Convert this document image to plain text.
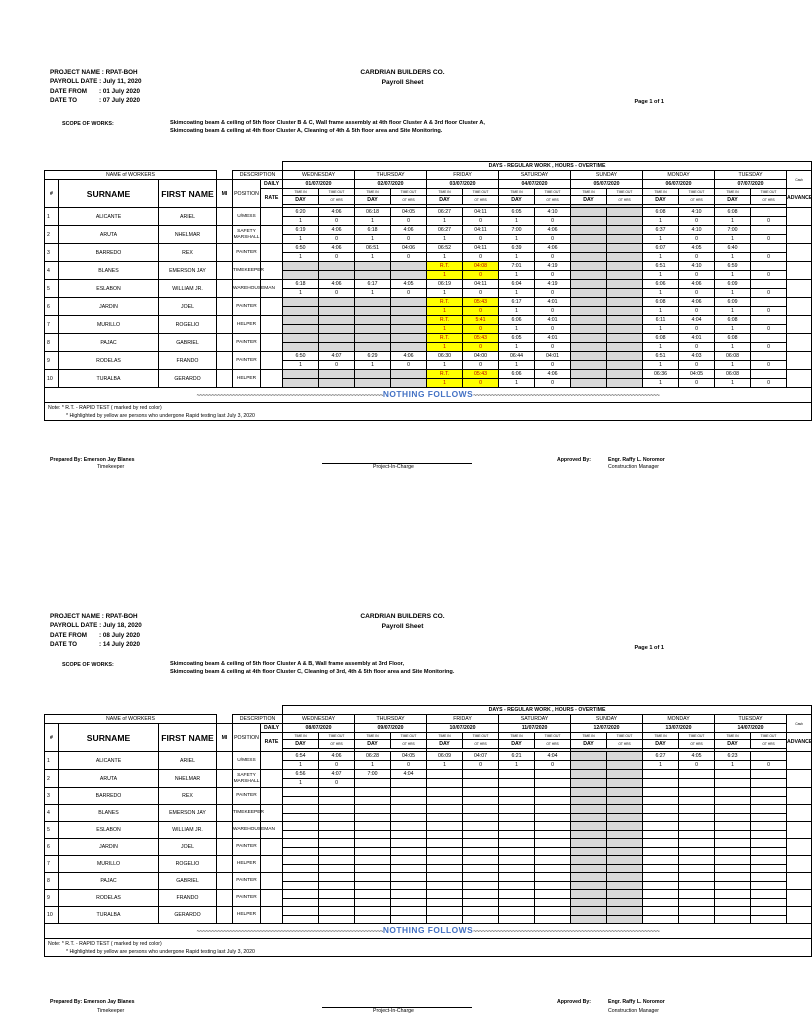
PROJECT NAME : RPAT-BOH
PAYROLL DATE : July 11, 2020
DATE FROM : 01 July 2020
DATE TO	: 07 July 2020
CARDRIAN BUILDERS CO.
Payroll Sheet
Page 1 of 1
SCOPE OF WORKS:	Skimcoating beam & ceiling of 5th floor Cluster B & C, Wall frame assembly at 4th floor Cluster A & 3rd floor Cluster A,
Skimcoating beam & ceiling at 4th floor Cluster A, Cleaning of 4th & 5th floor area and Site Monitoring.
						DAYS - REGULAR WORK , HOURS - OVERTIME														
NAME of WORKERS				DESCRIPTION		WEDNESDAY		THURSDAY		FRIDAY		SATURDAY		SUNDAY		MONDAY		TUESDAY		Cash
#	SURNAME	FIRST NAME	MI	POSITION	DAILY	01/07/2020		02/07/2020		03/07/2020		04/07/2020		05/07/2020		06/07/2020		07/07/2020		
					RATE	TIME IN	TIME OUT	TIME IN	TIME OUT	TIME IN	TIME OUT	TIME IN	TIME OUT	TIME IN	TIME OUT	TIME IN	TIME OUT	TIME IN	TIME OUT	ADVANCE
						DAY	OT HRS	DAY	OT HRS	DAY	OT HRS	DAY	OT HRS	DAY	OT HRS	DAY	OT HRS	DAY	OT HRS	

1	ALICANTE	ARIEL		U/MESS		6:20	4:06	06:18	04:05	06:27	04:11	6:05	4:10			6:08	4:10	6:08		
						1	0	1	0	1	0	1	0			1	0	1	0	
2	ARUTA	NHELMAR		SAFETY MARSHALL		6:19	4:06	6:18	4:06	06:27	04:11	7:00	4:06			6:37	4:10	7:00		
						1	0	1	0	1	0	1	0			1	0	1	0	
3	BARREDO	REX		PAINTER		6:50	4:06	06:51	04:06	06:52	04:11	6:39	4:06			6:07	4:05	6:40		
						1	0	1	0	1	0	1	0			1	0	1	0	
4	BLANES	EMERSON JAY		TIMEKEEPER						R.T.	04:08	7:01	4:19			6:51	4:10	6:59		
										1	0	1	0			1	0	1	0	
5	ESLABON	WILLIAM JR.		WAREHOUSEMAN		6:18	4:06	6:17	4:05	06:19	04:11	6:04	4:19			6:06	4:06	6:09		
						1	0	1	0	1	0	1	0			1	0	1	0	
6	JARDIN	JOEL		PAINTER						R.T.	05:43	6:17	4:01			6:08	4:06	6:09		
										1	0	1	0			1	0	1	0	
7	MURILLO	ROGELIO		HELPER						R.T.	5:41	6:06	4:01			6:11	4:04	6:08		
										1	0	1	0			1	0	1	0	
8	PAJAC	GABRIEL		PAINTER						R.T.	05:43	6:05	4:01			6:08	4:01	6:08		
										1	0	1	0			1	0	1	0	
9	RODELAS	FRANDO		PAINTER		6:50	4:07	6:29	4:06	06:30	04:00	06:44	04:01			6:51	4:03	06:08		
						1	0	1	0	1	0	1	0			1	0	1	0	
10	TURALBA	GERARDO		HELPER						R.T.	05:43	6:06	4:06			06:36	04:05	06:08		
										1	0	1	0			1	0	1	0	
~~~~~~~~~~~~~~~~~~~~~~~~~~~~~~~~~~~~~~~~~~~~~~~~~~~~~~~~~~~~~~NOTHING FOLLOWS~~~~~~~~~~~~~~~~~~~~~~~~~~~~~~~~~~~~~~~~~~~~~~~~~~~~~~~~~~~~~~																				

Note: * R.T. - RAPID TEST ( marked by red color)
* Highlighted by yellow are persons who undergone Rapid testing last July 3, 2020																				
Prepared By: Emerson Jay Blanes
Timekeeper	Project-In-Charge
Approved By:	Engr. Raffy L. Noromor
Construction Manager
PROJECT NAME : RPAT-BOH
PAYROLL DATE : July 18, 2020
DATE FROM : 08 July 2020
DATE TO	: 14 July 2020
CARDRIAN BUILDERS CO.
Payroll Sheet
Page 1 of 1
SCOPE OF WORKS:	Skimcoating beam & ceiling of 5th floor Cluster A & B, Wall frame assembly at 3rd Floor,
Skimcoating beam & ceiling at 4th floor Cluster C, Cleaning of 3rd, 4th & 5th floor area and Site Monitoring.
						DAYS - REGULAR WORK , HOURS - OVERTIME														
NAME of WORKERS				DESCRIPTION		WEDNESDAY		THURSDAY		FRIDAY		SATURDAY		SUNDAY		MONDAY		TUESDAY		Cash
#	SURNAME	FIRST NAME	MI	POSITION	DAILY	08/07/2020		09/07/2020		10/07/2020		11/07/2020		12/07/2020		13/07/2020		14/07/2020		
					RATE	TIME IN	TIME OUT	TIME IN	TIME OUT	TIME IN	TIME OUT	TIME IN	TIME OUT	TIME IN	TIME OUT	TIME IN	TIME OUT	TIME IN	TIME OUT	ADVANCE
						DAY	OT HRS	DAY	OT HRS	DAY	OT HRS	DAY	OT HRS	DAY	OT HRS	DAY	OT HRS	DAY	OT HRS	

1	ALICANTE	ARIEL		U/MESS		6:54	4:06	06:28	04:05	06:09	04:07	6:21	4:04			6:27	4:05	6:23		
						1	0	1	0	1	0	1	0			1	0	1	0	
2	ARUTA	NHELMAR		SAFETY MARSHALL		6:56	4:07	7:00	4:04											
						1	0													
3	BARREDO	REX		PAINTER																

4	BLANES	EMERSON JAY		TIMEKEEPER																

5	ESLABON	WILLIAM JR.		WAREHOUSEMAN																

6	JARDIN	JOEL		PAINTER																

7	MURILLO	ROGELIO		HELPER																

8	PAJAC	GABRIEL		PAINTER																

9	RODELAS	FRANDO		PAINTER																

10	TURALBA	GERARDO		HELPER																

~~~~~~~~~~~~~~~~~~~~~~~~~~~~~~~~~~~~~~~~~~~~~~~~~~~~~~~~~~~~~~NOTHING FOLLOWS~~~~~~~~~~~~~~~~~~~~~~~~~~~~~~~~~~~~~~~~~~~~~~~~~~~~~~~~~~~~~~																				

Note: * R.T. - RAPID TEST ( marked by red color)
* Highlighted by yellow are persons who undergone Rapid testing last July 3, 2020																				
Prepared By: Emerson Jay Blanes
Timekeeper	Project-In-Charge
Approved By:	Engr. Raffy L. Noromor
Construction Manager
